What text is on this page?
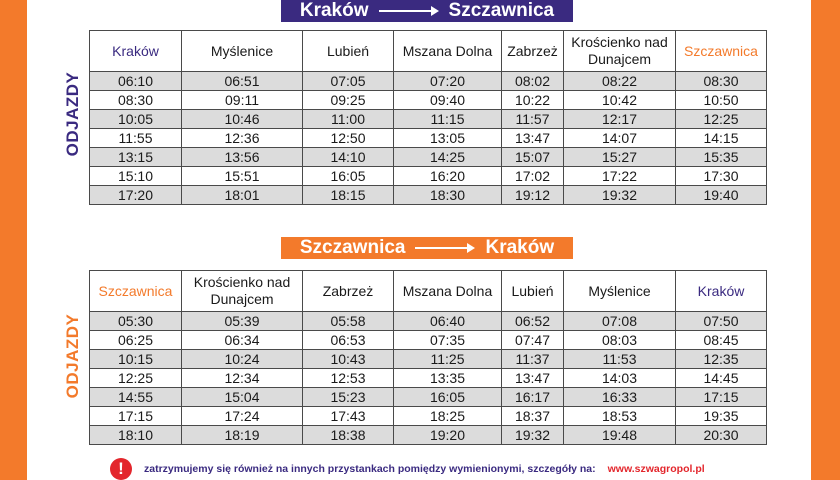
Kraków	Szczawnica
ODJAZDY
Kraków	Myślenice	Lubień	Mszana Dolna	Zabrzeż	Krościenko nad Dunajcem	Szczawnica
06:10	06:51	07:05	07:20	08:02	08:22	08:30
08:30	09:11	09:25	09:40	10:22	10:42	10:50
10:05	10:46	11:00	11:15	11:57	12:17	12:25
11:55	12:36	12:50	13:05	13:47	14:07	14:15
13:15	13:56	14:10	14:25	15:07	15:27	15:35
15:10	15:51	16:05	16:20	17:02	17:22	17:30
17:20	18:01	18:15	18:30	19:12	19:32	19:40
Szczawnica	Kraków
ODJAZDY
Szczawnica	Krościenko nad Dunajcem	Zabrzeż	Mszana Dolna	Lubień	Myślenice	Kraków
05:30	05:39	05:58	06:40	06:52	07:08	07:50
06:25	06:34	06:53	07:35	07:47	08:03	08:45
10:15	10:24	10:43	11:25	11:37	11:53	12:35
12:25	12:34	12:53	13:35	13:47	14:03	14:45
14:55	15:04	15:23	16:05	16:17	16:33	17:15
17:15	17:24	17:43	18:25	18:37	18:53	19:35
18:10	18:19	18:38	19:20	19:32	19:48	20:30
!	zatrzymujemy się również na innych przystankach pomiędzy wymienionymi, szczegóły na: www.szwagropol.pl
